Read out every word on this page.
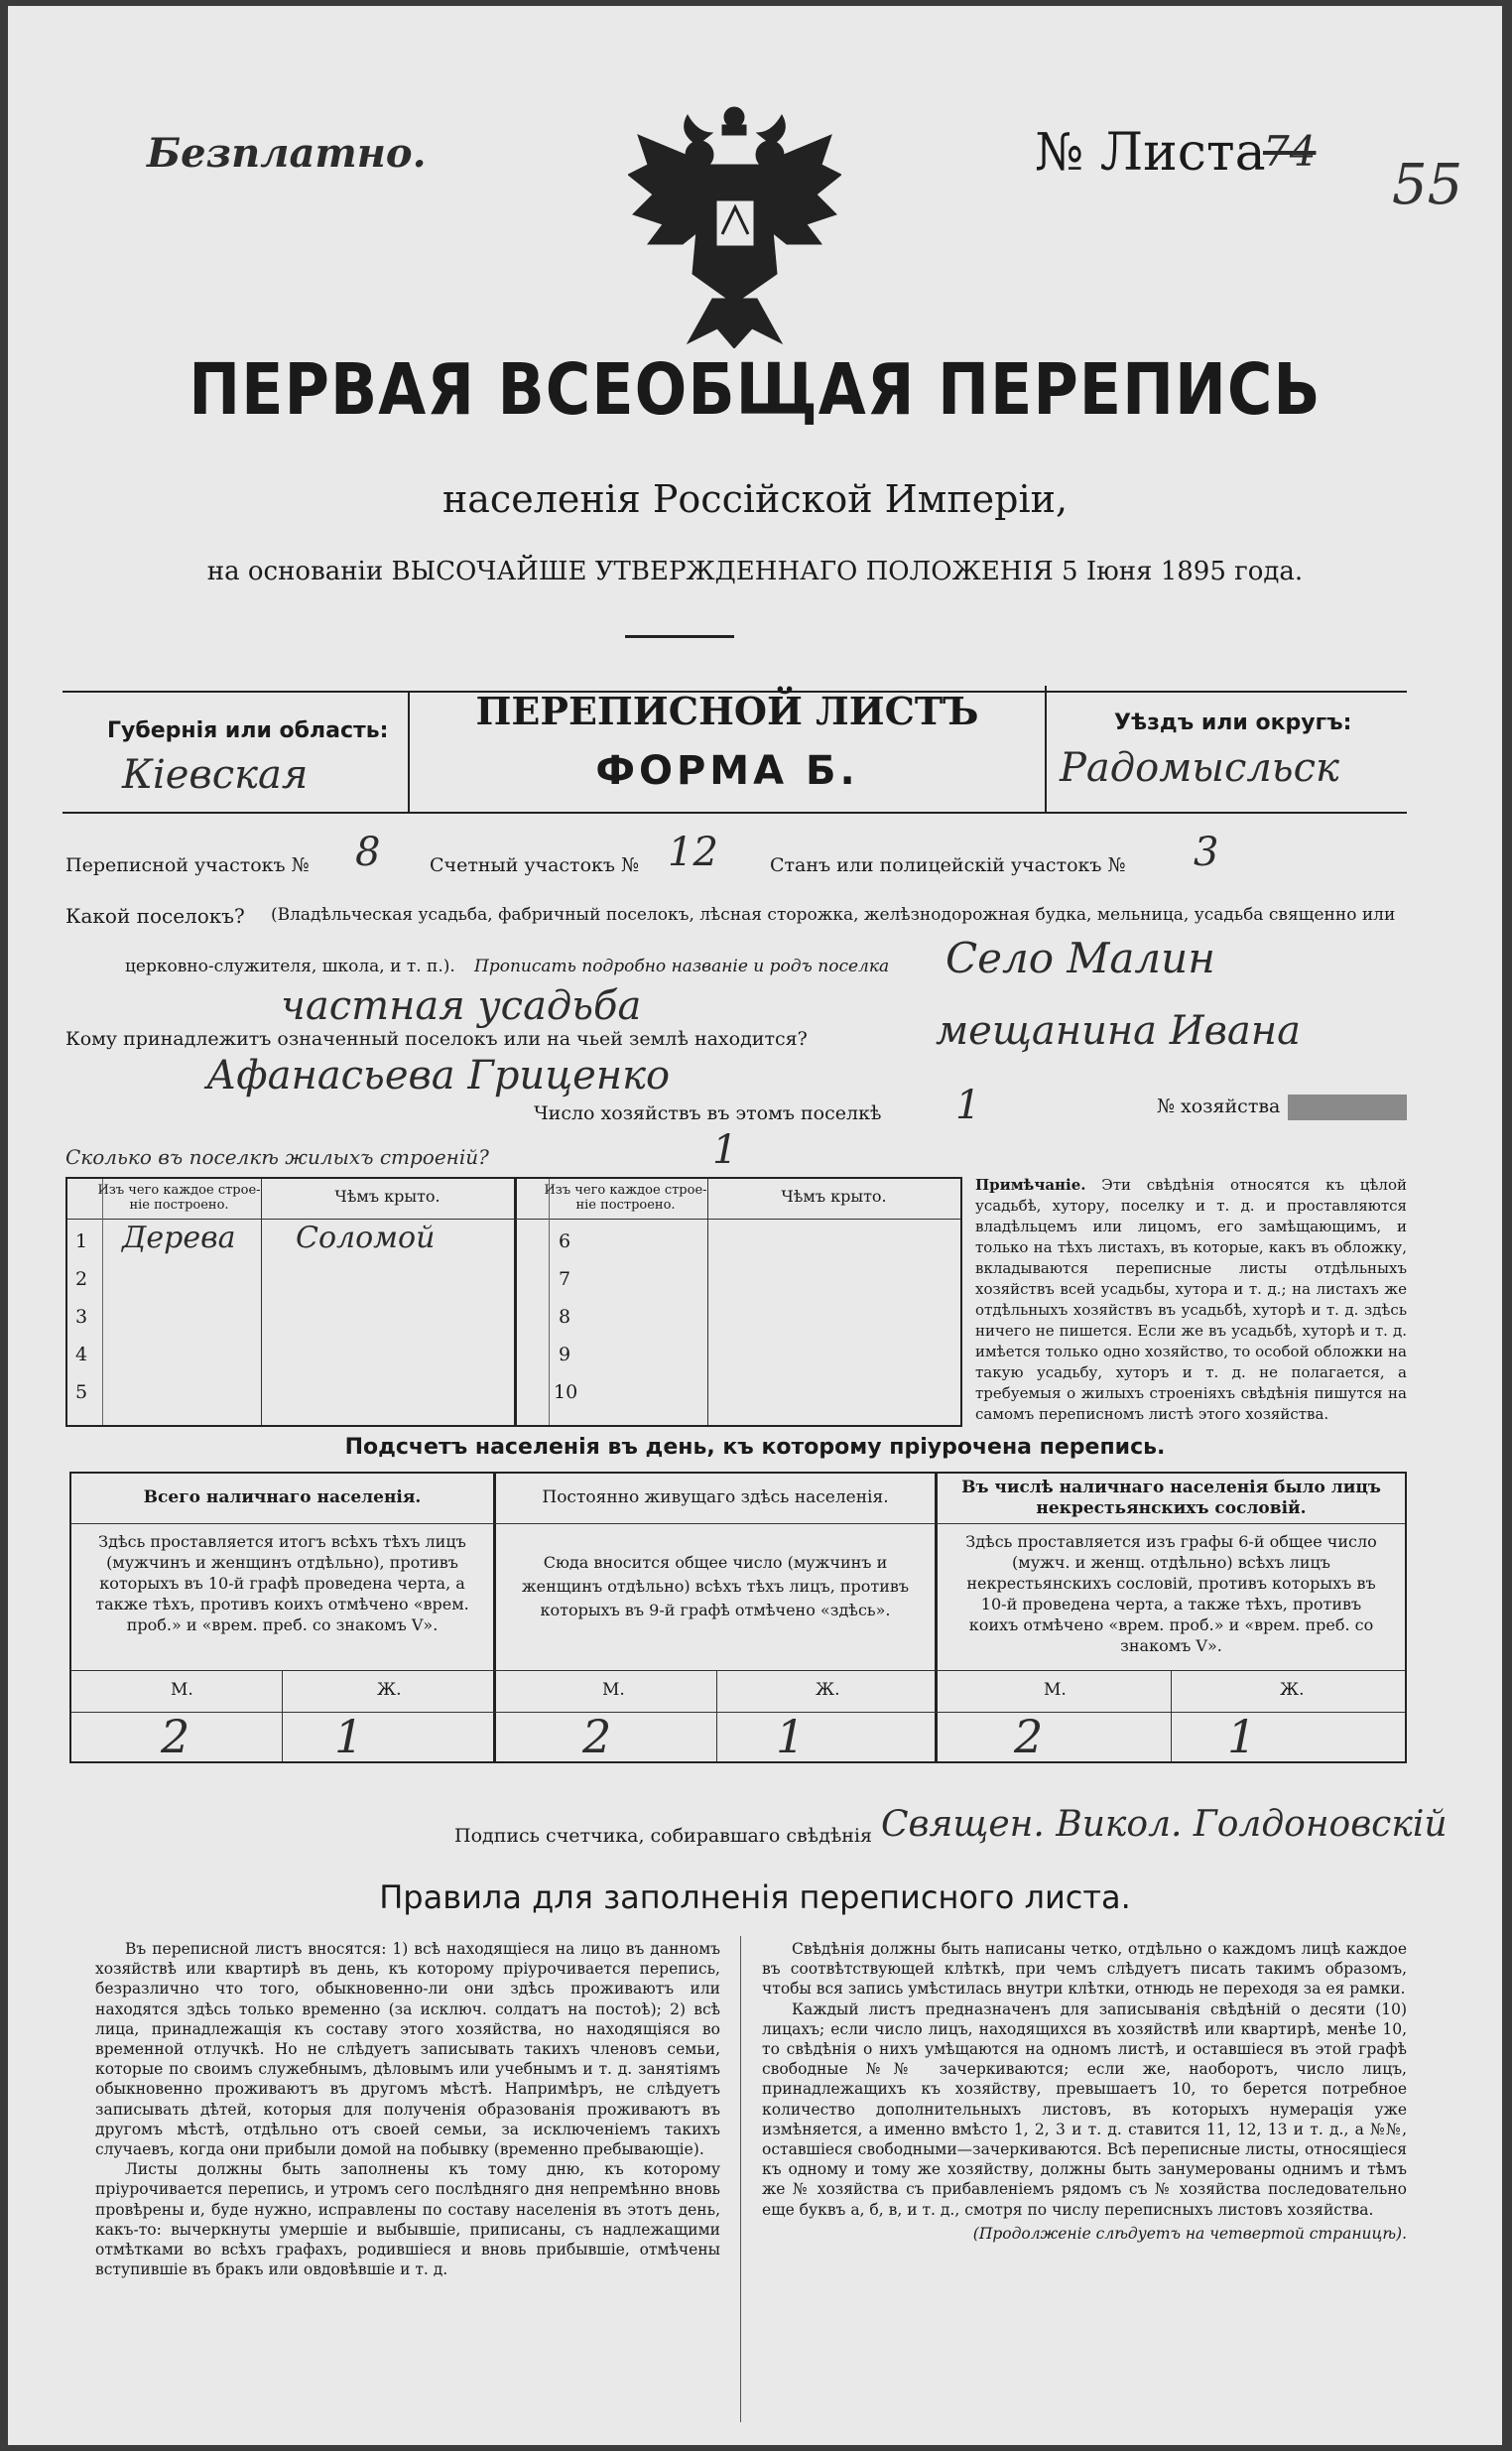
Безплатно.	№ Листа
74
55
ПЕРВАЯ ВСЕОБЩАЯ ПЕРЕПИСЬ
населенія Россійской Имперіи,
на основаніи ВЫСОЧАЙШЕ УТВЕРЖДЕННАГО ПОЛОЖЕНІЯ 5 Іюня 1895 года.
Губернія или область:
Кіевская
ПЕРЕПИСНОЙ ЛИСТЪ
ФОРМА Б.
Уѣздъ или округъ:
Радомысльск
Переписной участокъ № 8	Счетный участокъ № 12	Станъ или полицейскій участокъ № 3
Какой поселокъ? (Владѣльческая усадьба, фабричный поселокъ, лѣсная сторожка, желѣзнодорожная будка, мельница, усадьба священно или
церковно-служителя, школа, и т. п.). Прописать подробно названіе и родъ поселка Село Малин
частная усадьба
Кому принадлежитъ означенный поселокъ или на чьей землѣ находится?	мещанина Ивана
Афанасьева Гриценко
Число хозяйствъ въ этомъ поселкѣ 1	№ хозяйства
Сколько въ поселкѣ жилыхъ строеній?	1
Изъ чего каждое строе-ніе построено.	Чѣмъ крыто.	Изъ чего каждое строе-ніе построено.	Чѣмъ крыто.
1 Дерева Соломой
2
3
4
5
6
7
8
9
10
Примѣчаніе. Эти свѣдѣнія относятся къ цѣлой усадьбѣ, хутору, поселку и т. д. и проставляются владѣльцемъ или лицомъ, его замѣщающимъ, и только на тѣхъ листахъ, въ которые, какъ въ обложку, вкладываются переписные листы отдѣльныхъ хозяйствъ всей усадьбы, хутора и т. д.; на листахъ же отдѣльныхъ хозяйствъ въ усадьбѣ, хуторѣ и т. д. здѣсь ничего не пишется. Если же въ усадьбѣ, хуторѣ и т. д. имѣется только одно хозяйство, то особой обложки на такую усадьбу, хуторъ и т. д. не полагается, а требуемыя о жилыхъ строеніяхъ свѣдѣнія пишутся на самомъ переписномъ листѣ этого хозяйства.
Подсчетъ населенія въ день, къ которому пріурочена перепись.
Всего наличнаго населенія.
Здѣсь проставляется итогъ всѣхъ тѣхъ лицъ (мужчинъ и женщинъ отдѣльно), противъ которыхъ въ 10-й графѣ проведена черта, а также тѣхъ, противъ коихъ отмѣчено «врем. проб.» и «врем. преб. со знакомъ V».
М.	Ж.
2	1
Постоянно живущаго здѣсь населенія.
Сюда вносится общее число (мужчинъ и женщинъ отдѣльно) всѣхъ тѣхъ лицъ, противъ которыхъ въ 9-й графѣ отмѣчено «здѣсь».
М.	Ж.
2	1
Въ числѣ наличнаго населенія было лицъ некрестьянскихъ сословій.
Здѣсь проставляется изъ графы 6-й общее число (мужч. и женщ. отдѣльно) всѣхъ лицъ некрестьянскихъ сословій, противъ которыхъ въ 10-й проведена черта, а также тѣхъ, противъ коихъ отмѣчено «врем. проб.» и «врем. преб. со знакомъ V».
М.	Ж.
2	1
Подпись счетчика, собиравшаго свѣдѣнія Священ. Викол. Голдоновскій
Правила для заполненія переписного листа.

Въ переписной листъ вносятся: 1) всѣ находящіеся на лицо въ данномъ хозяйствѣ или квартирѣ въ день, къ которому пріурочивается перепись, безразлично что того, обыкновенно-ли они здѣсь проживаютъ или находятся здѣсь только временно (за исключ. солдатъ на постоѣ); 2) всѣ лица, принадлежащія къ составу этого хозяйства, но находящіяся во временной отлучкѣ. Но не слѣдуетъ записывать такихъ членовъ семьи, которые по своимъ служебнымъ, дѣловымъ или учебнымъ и т. д. занятіямъ обыкновенно проживаютъ въ другомъ мѣстѣ. Напримѣръ, не слѣдуетъ записывать дѣтей, которыя для полученія образованія проживаютъ въ другомъ мѣстѣ, отдѣльно отъ своей семьи, за исключеніемъ такихъ случаевъ, когда они прибыли домой на побывку (временно пребывающіе).

Листы должны быть заполнены къ тому дню, къ которому пріурочивается перепись, и утромъ сего послѣдняго дня непремѣнно вновь провѣрены и, буде нужно, исправлены по составу населенія въ этотъ день, какъ-то: вычеркнуты умершіе и выбывшіе, приписаны, съ надлежащими отмѣтками во всѣхъ графахъ, родившіеся и вновь прибывшіе, отмѣчены вступившіе въ бракъ или овдовѣвшіе и т. д.

Свѣдѣнія должны быть написаны четко, отдѣльно о каждомъ лицѣ каждое въ соотвѣтствующей клѣткѣ, при чемъ слѣдуетъ писать такимъ образомъ, чтобы вся запись умѣстилась внутри клѣтки, отнюдь не переходя за ея рамки.

Каждый листъ предназначенъ для записыванія свѣдѣній о десяти (10) лицахъ; если число лицъ, находящихся въ хозяйствѣ или квартирѣ, менѣе 10, то свѣдѣнія о нихъ умѣщаются на одномъ листѣ, и оставшіеся въ этой графѣ свободные №№ зачеркиваются; если же, наоборотъ, число лицъ, принадлежащихъ къ хозяйству, превышаетъ 10, то берется потребное количество дополнительныхъ листовъ, въ которыхъ нумерація уже измѣняется, а именно вмѣсто 1, 2, 3 и т. д. ставится 11, 12, 13 и т. д., а №№, оставшіеся свободными—зачеркиваются. Всѣ переписные листы, относящіеся къ одному и тому же хозяйству, должны быть занумерованы однимъ и тѣмъ же № хозяйства съ прибавленіемъ рядомъ съ № хозяйства последовательно еще буквъ а, б, в, и т. д., смотря по числу переписныхъ листовъ хозяйства.

(Продолженіе слѣдуетъ на четвертой страницѣ).
